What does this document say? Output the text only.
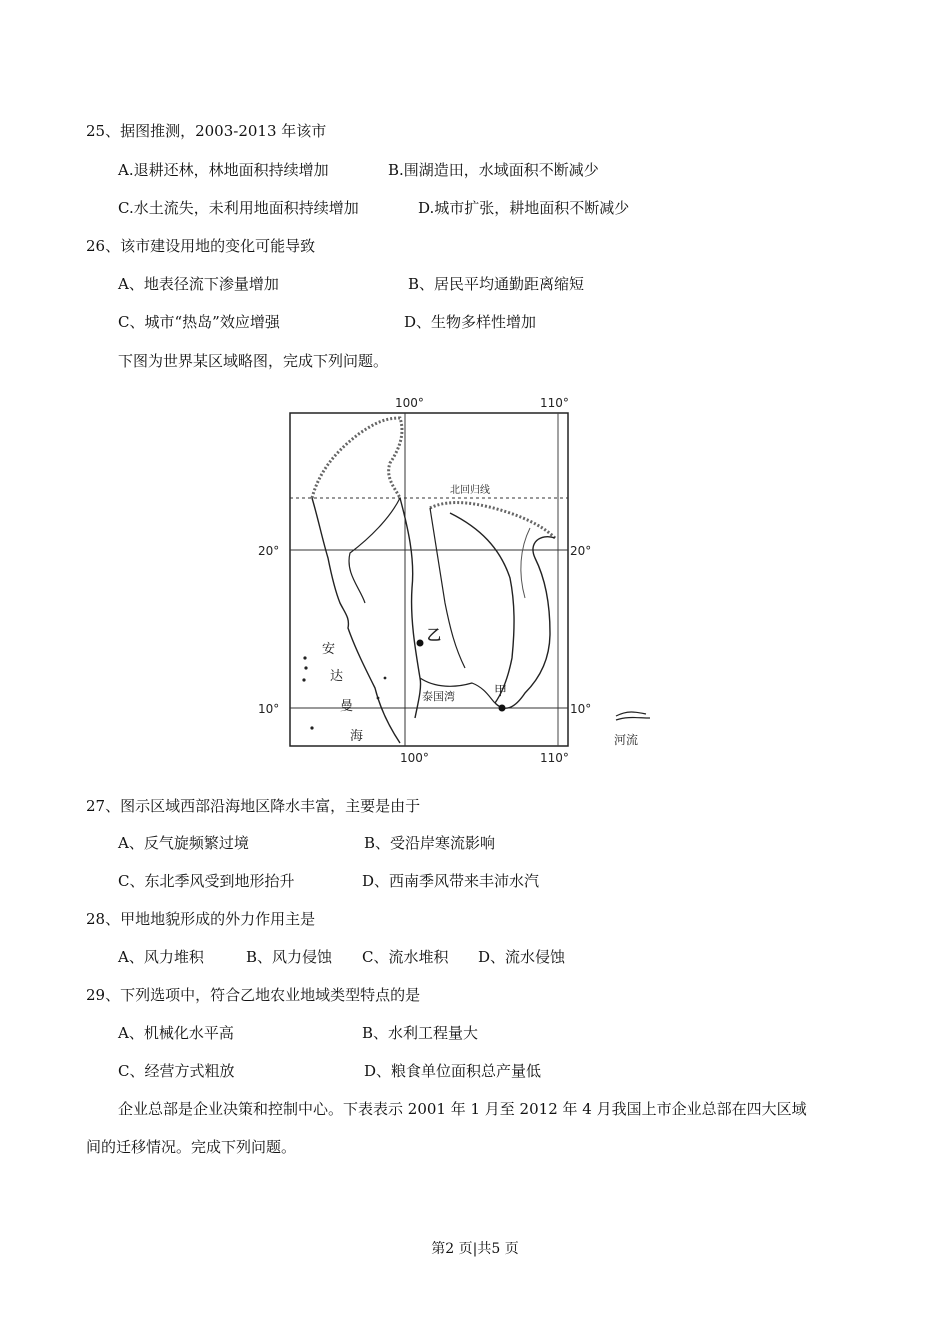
25、据图推测，2003-2013 年该市
A.退耕还林，林地面积持续增加	B.围湖造田，水域面积不断减少
C.水土流失，未利用地面积持续增加	D.城市扩张，耕地面积不断减少
26、该市建设用地的变化可能导致
A、地表径流下渗量增加	B、居民平均通勤距离缩短
C、城市“热岛”效应增强	D、生物多样性增加
下图为世界某区域略图，完成下列问题。
100°	110°
100°	110°
20°	20°
10°	10°
北回归线
乙
甲
安
达
曼
海
泰国湾
河流
27、图示区域西部沿海地区降水丰富，主要是由于
A、反气旋频繁过境	B、受沿岸寒流影响
C、东北季风受到地形抬升	D、西南季风带来丰沛水汽
28、甲地地貌形成的外力作用主是
A、风力堆积	B、风力侵蚀 C、流水堆积 D、流水侵蚀
29、下列选项中，符合乙地农业地域类型特点的是
A、机械化水平高	B、水利工程量大
C、经营方式粗放	D、粮食单位面积总产量低
企业总部是企业决策和控制中心。下表表示 2001 年 1 月至 2012 年 4 月我国上市企业总部在四大区域
间的迁移情况。完成下列问题。
第2 页|共5 页
